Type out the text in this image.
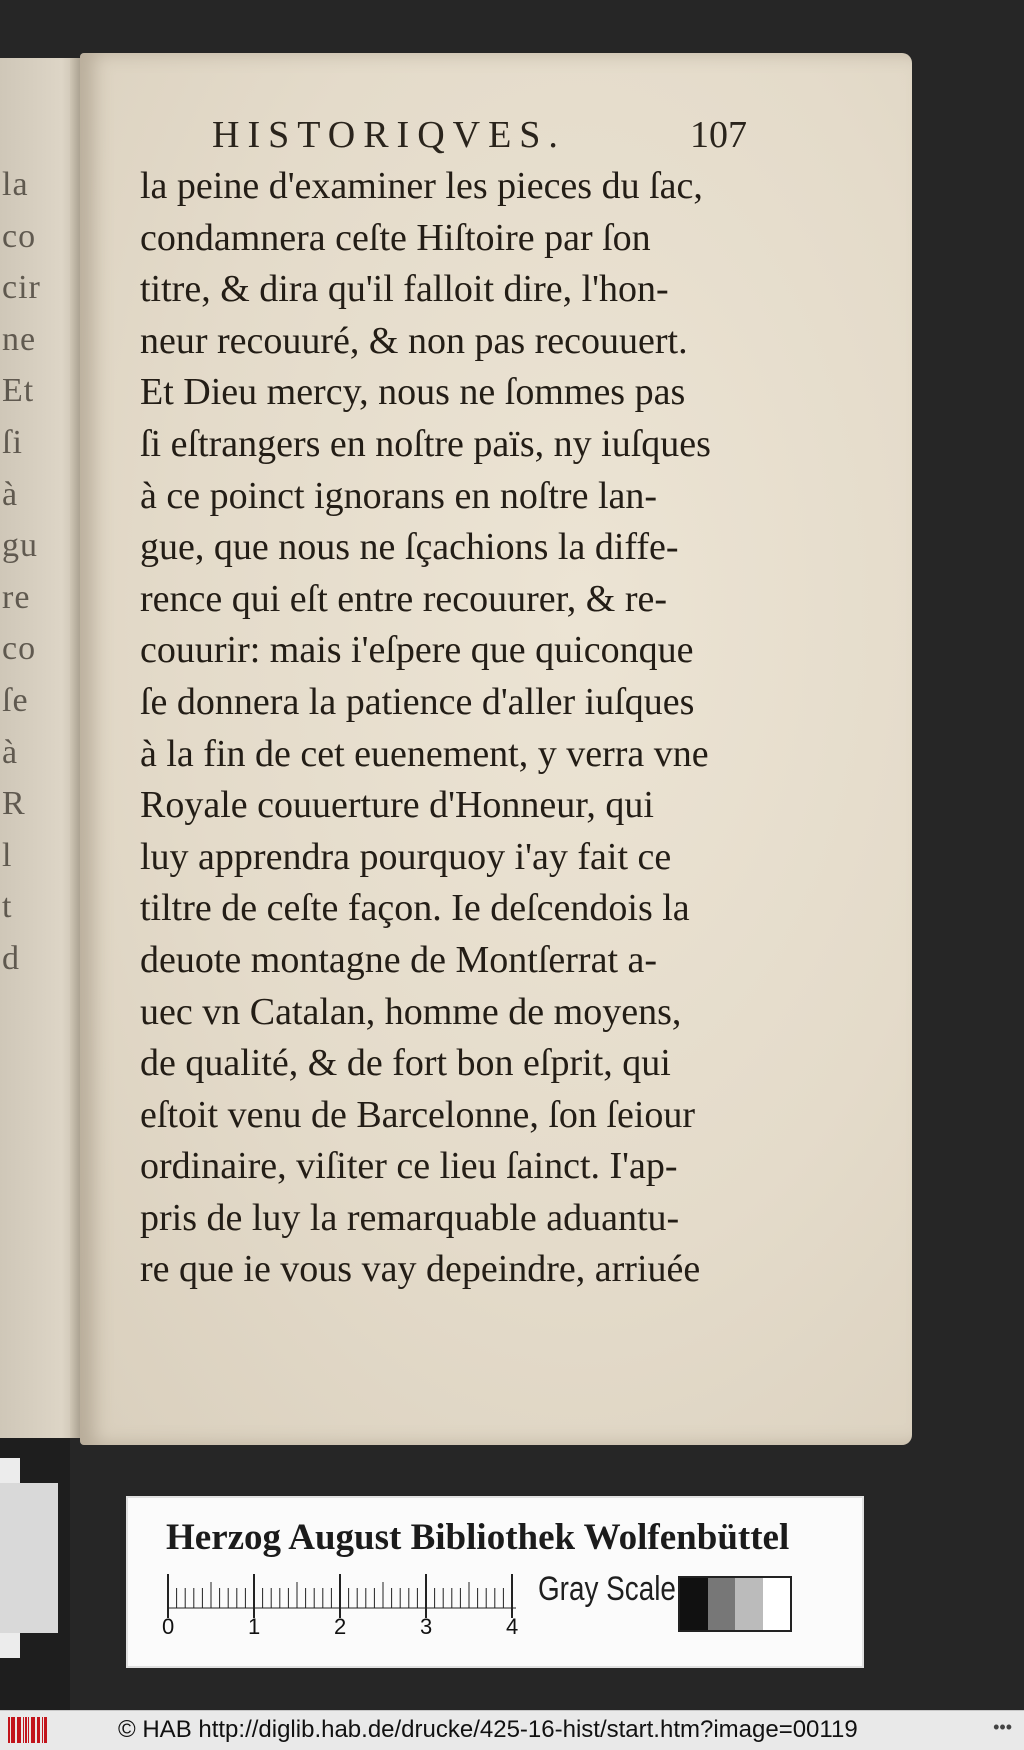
la
co
cir
ne
Et
ſi
à
gu
re
co
ſe
à
R
l
t
d
HISTORIQVES.	107
la peine d'examiner les pieces du ſac,
condamnera ceſte Hiſtoire par ſon
titre, & dira qu'il falloit dire, l'hon-
neur recouuré, & non pas recouuert.
Et Dieu mercy, nous ne ſommes pas
ſi eſtrangers en noſtre païs, ny iuſques
à ce poinct ignorans en noſtre lan-
gue, que nous ne ſçachions la diffe-
rence qui eſt entre recouurer, & re-
couurir: mais i'eſpere que quiconque
ſe donnera la patience d'aller iuſques
à la fin de cet euenement, y verra vne
Royale couuerture d'Honneur, qui
luy apprendra pourquoy i'ay fait ce
tiltre de ceſte façon. Ie deſcendois la
deuote montagne de Montſerrat a-
uec vn Catalan, homme de moyens,
de qualité, & de fort bon eſprit, qui
eſtoit venu de Barcelonne, ſon ſeiour
ordinaire, viſiter ce lieu ſainct. I'ap-
pris de luy la remarquable aduantu-
re que ie vous vay depeindre, arriuée
Herzog August Bibliothek Wolfenbüttel
0	1	2	3	4
Gray Scale
© HAB http://diglib.hab.de/drucke/425-16-hist/start.htm?image=00119	•••
